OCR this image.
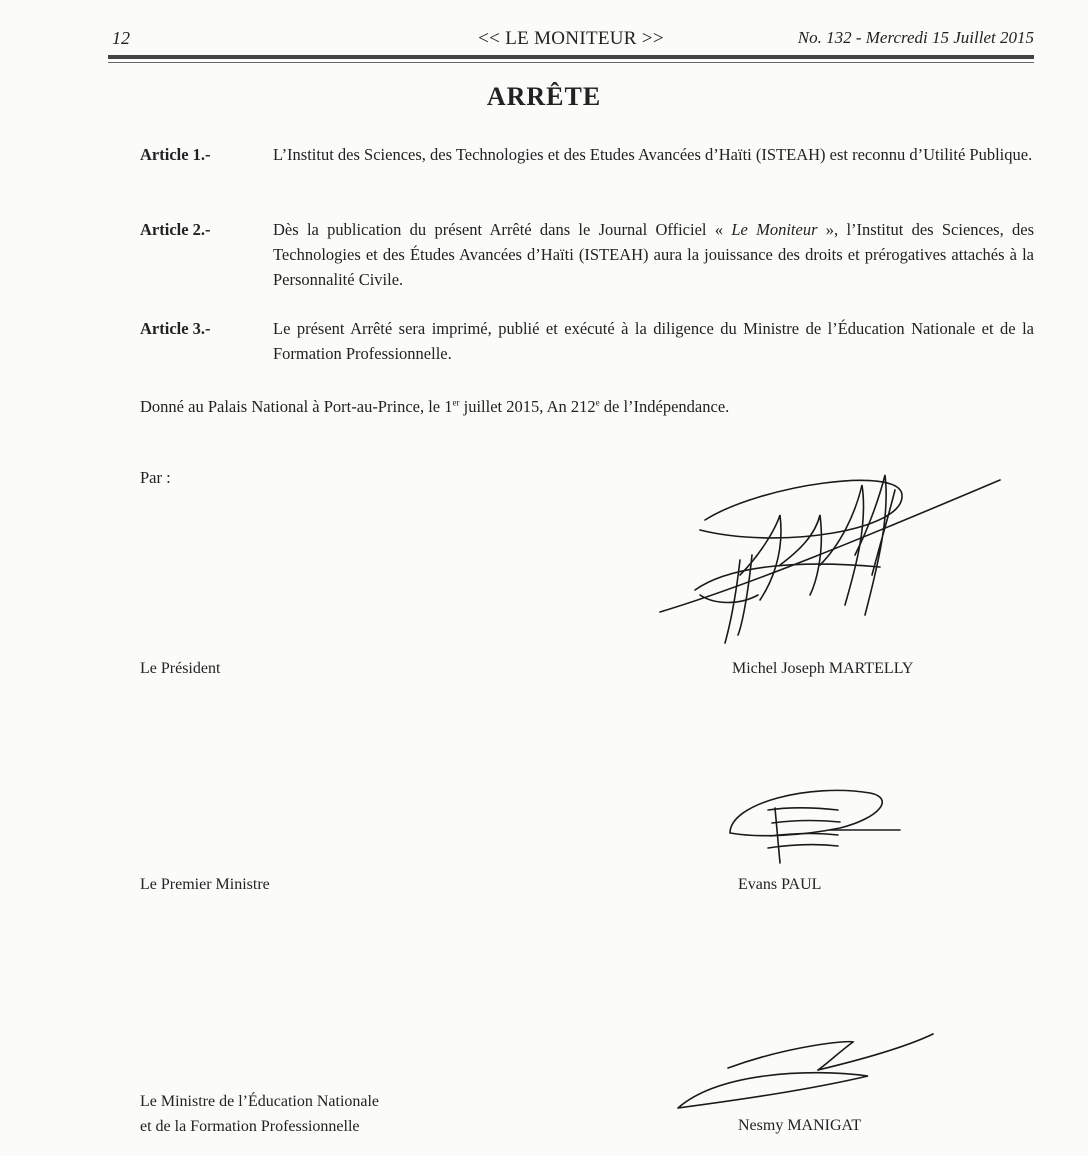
12	<< LE MONITEUR >>	No. 132 - Mercredi 15 Juillet 2015
ARRÊTE
Article 1.-	L’Institut des Sciences, des Technologies et des Etudes Avancées d’Haïti (ISTEAH) est reconnu d’Utilité Publique.
Article 2.-	Dès la publication du présent Arrêté dans le Journal Officiel « Le Moniteur », l’Institut des Sciences, des Technologies et des Études Avancées d’Haïti (ISTEAH) aura la jouissance des droits et prérogatives attachés à la Personnalité Civile.
Article 3.-	Le présent Arrêté sera imprimé, publié et exécuté à la diligence du Ministre de l’Éducation Nationale et de la Formation Professionnelle.
Donné au Palais National à Port-au-Prince, le 1er juillet 2015, An 212e de l’Indépendance.
Par :
Le Président	Michel Joseph MARTELLY
Le Premier Ministre	Evans PAUL
Le Ministre de l’Éducation Nationale
et de la Formation Professionnelle	Nesmy MANIGAT
